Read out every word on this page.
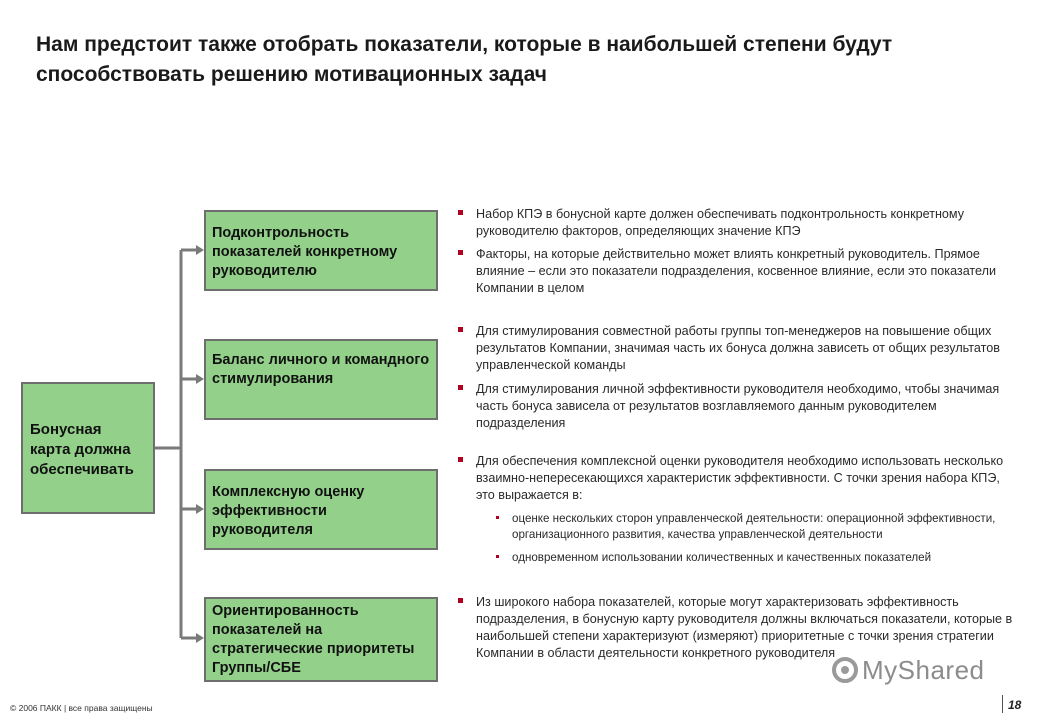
Нам предстоит также отобрать показатели, которые в наибольшей степени будут способствовать решению мотивационных задач
Бонусная карта должна обеспечивать
Подконтрольность показателей конкретному руководителю
Баланс личного и командного стимулирования
Комплексную оценку эффективности руководителя
Ориентированность показателей на стратегические приоритеты Группы/СБЕ

Набор КПЭ в бонусной карте должен обеспечивать подконтрольность конкретному руководителю факторов, определяющих значение КПЭ

Факторы, на которые действительно может влиять конкретный руководитель. Прямое влияние – если это показатели подразделения, косвенное влияние, если это показатели Компании в целом

Для стимулирования совместной работы группы топ-менеджеров на повышение общих результатов Компании, значимая часть их бонуса должна зависеть от общих результатов управленческой команды

Для стимулирования личной эффективности руководителя необходимо, чтобы значимая часть бонуса зависела от результатов возглавляемого данным руководителем подразделения

Для обеспечения комплексной оценки руководителя необходимо использовать несколько взаимно-непересекающихся характеристик эффективности. С точки зрения набора КПЭ, это выражается в:

оценке нескольких сторон управленческой деятельности: операционной эффективности, организационного развития, качества управленческой деятельности
одновременном использовании количественных и качественных показателей

Из широкого набора показателей, которые могут характеризовать эффективность подразделения, в бонусную карту руководителя должны включаться показатели, которые в наибольшей степени характеризуют (измеряют) приоритетные с точки зрения стратегии Компании в области деятельности конкретного руководителя

MyShared
© 2006 ПАКК | все права защищены	18
